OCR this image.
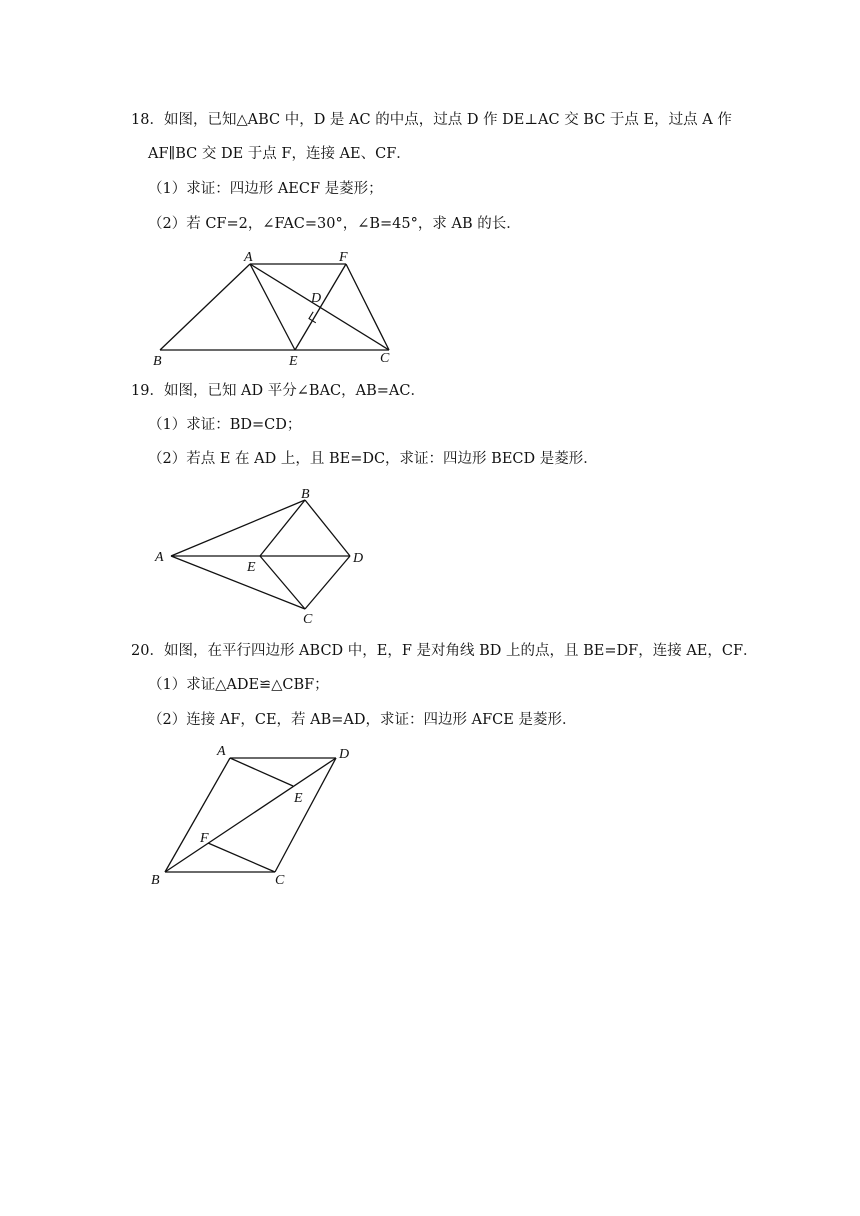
18．如图，已知△ABC 中，D 是 AC 的中点，过点 D 作 DE⊥AC 交 BC 于点 E，过点 A 作
AF∥BC 交 DE 于点 F，连接 AE、CF．
（1）求证：四边形 AECF 是菱形；
（2）若 CF=2，∠FAC=30°，∠B=45°，求 AB 的长．
A	F
D
B	E	C
19．如图，已知 AD 平分∠BAC，AB=AC．
（1）求证：BD=CD；
（2）若点 E 在 AD 上，且 BE=DC，求证：四边形 BECD 是菱形．
B
A
E
D
C
20．如图，在平行四边形 ABCD 中，E，F 是对角线 BD 上的点，且 BE=DF，连接 AE，CF．
（1）求证△ADE≌△CBF；
（2）连接 AF，CE，若 AB=AD，求证：四边形 AFCE 是菱形．
A	D
E
F
B	C
